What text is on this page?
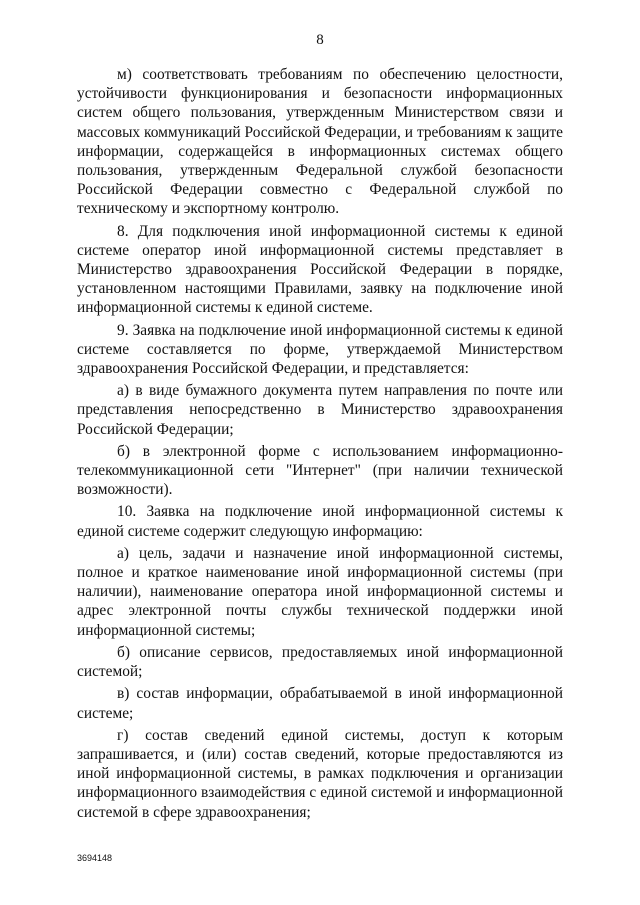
8

м) соответствовать требованиям по обеспечению целостности, устойчивости функционирования и безопасности информационных систем общего пользования, утвержденным Министерством связи и массовых коммуникаций Российской Федерации, и требованиям к защите информации, содержащейся в информационных системах общего пользования, утвержденным Федеральной службой безопасности Российской Федерации совместно с Федеральной службой по техническому и экспортному контролю.

8. Для подключения иной информационной системы к единой системе оператор иной информационной системы представляет в Министерство здравоохранения Российской Федерации в порядке, установленном настоящими Правилами, заявку на подключение иной информационной системы к единой системе.

9. Заявка на подключение иной информационной системы к единой системе составляется по форме, утверждаемой Министерством здравоохранения Российской Федерации, и представляется:

а) в виде бумажного документа путем направления по почте или представления непосредственно в Министерство здравоохранения Российской Федерации;

б) в электронной форме с использованием информационно-телекоммуникационной сети "Интернет" (при наличии технической возможности).

10. Заявка на подключение иной информационной системы к единой системе содержит следующую информацию:

а) цель, задачи и назначение иной информационной системы, полное и краткое наименование иной информационной системы (при наличии), наименование оператора иной информационной системы и адрес электронной почты службы технической поддержки иной информационной системы;

б) описание сервисов, предоставляемых иной информационной системой;

в) состав информации, обрабатываемой в иной информационной системе;

г) состав сведений единой системы, доступ к которым запрашивается, и (или) состав сведений, которые предоставляются из иной информационной системы, в рамках подключения и организации информационного взаимодействия с единой системой и информационной системой в сфере здравоохранения;

3694148
